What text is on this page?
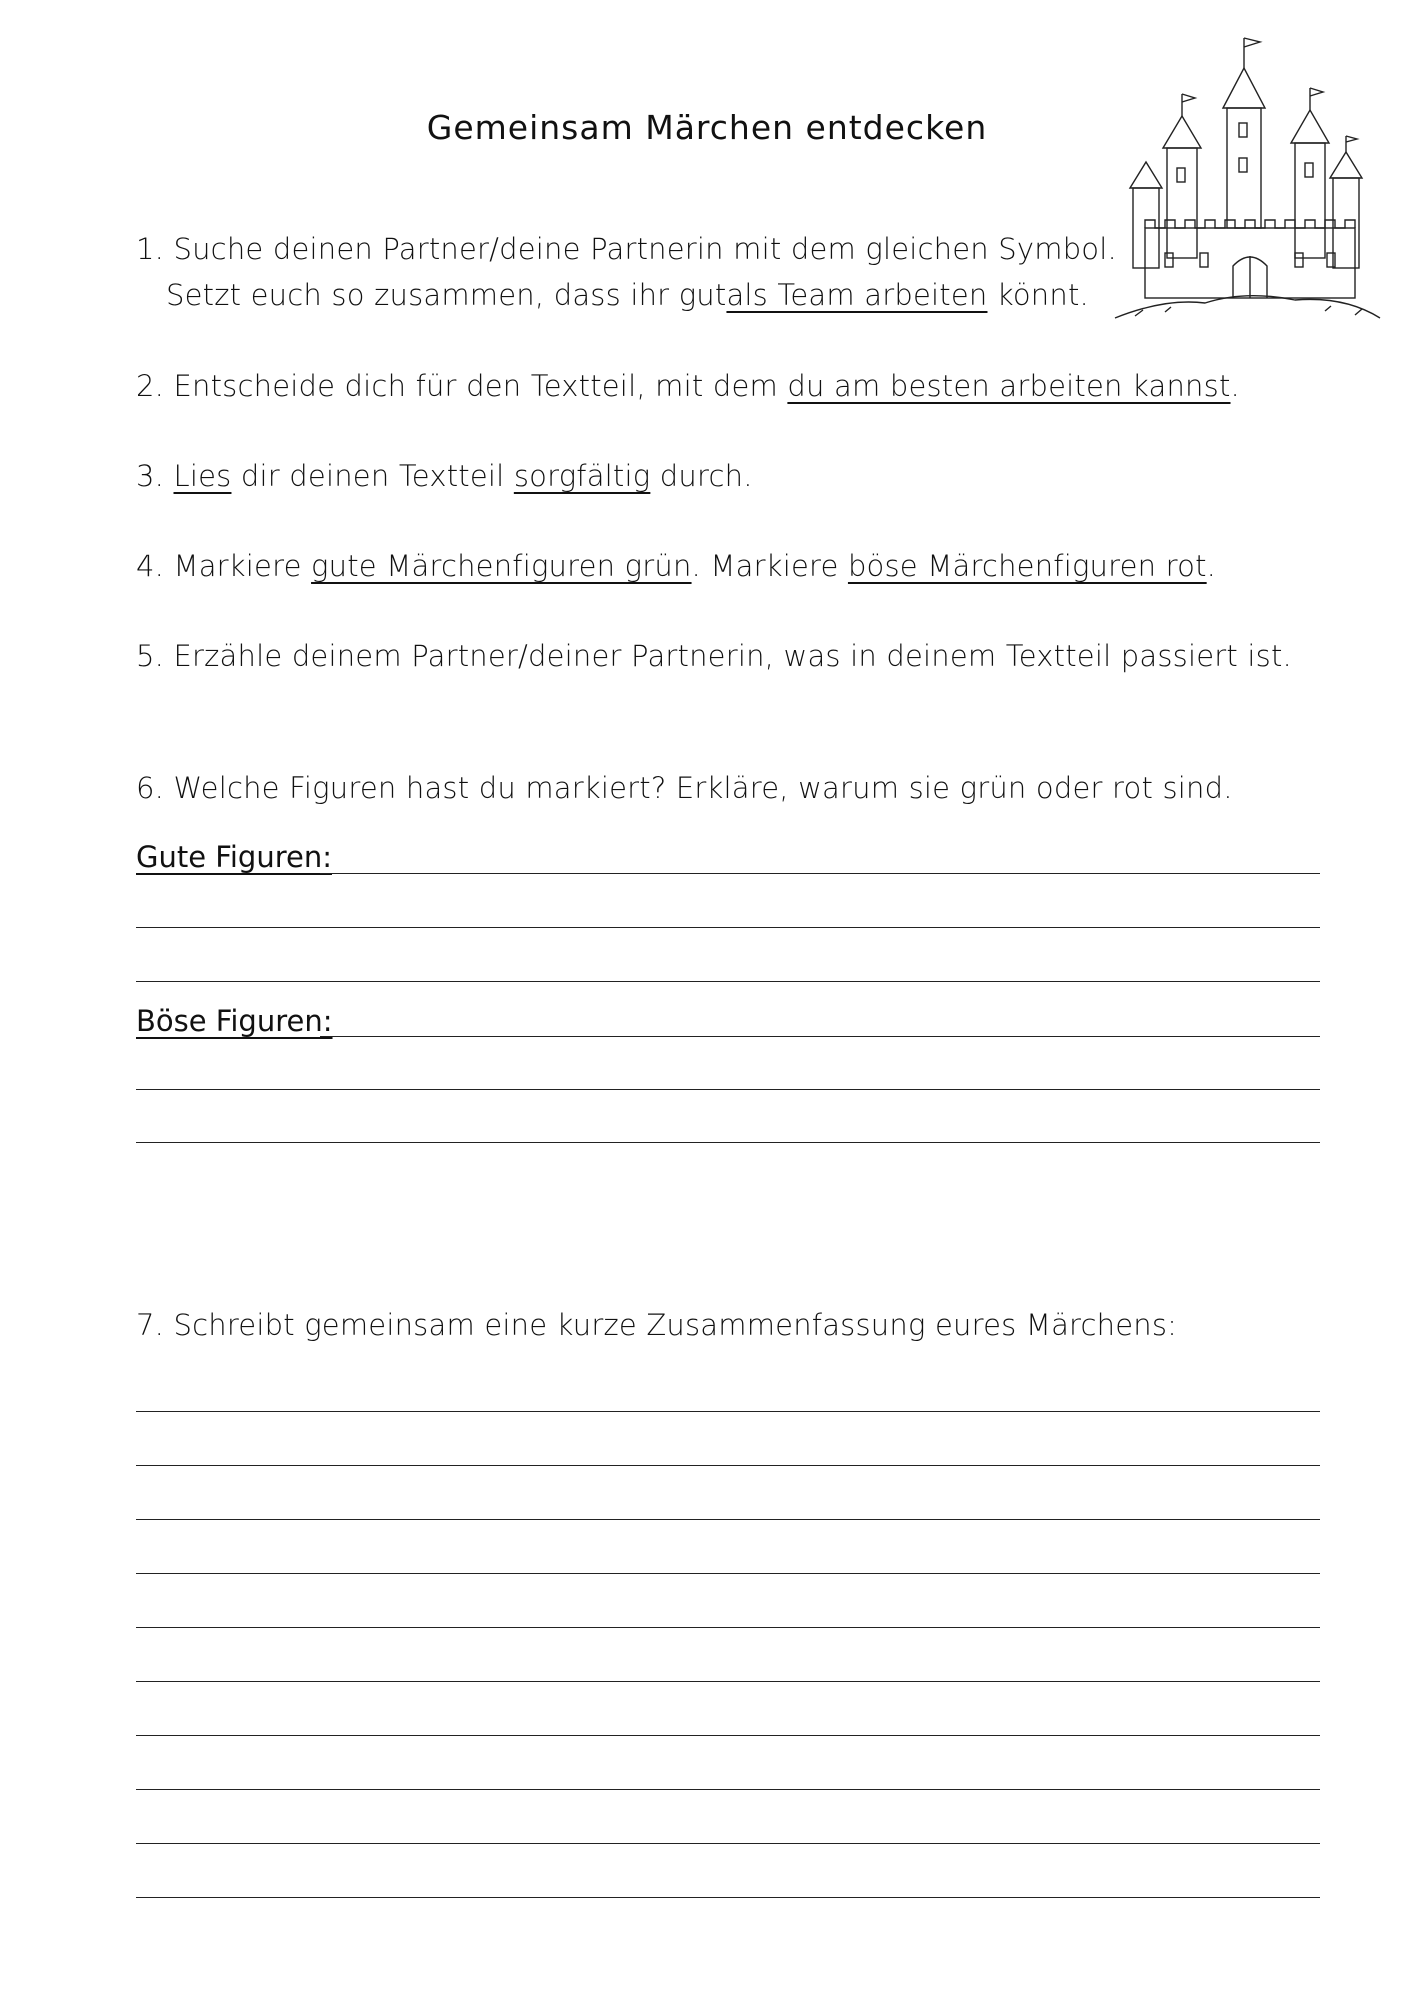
Gemeinsam Märchen entdecken
1. Suche deinen Partner/deine Partnerin mit dem gleichen Symbol.
Setzt euch so zusammen, dass ihr gutals Team arbeiten könnt.
2. Entscheide dich für den Textteil, mit dem du am besten arbeiten kannst.
3. Lies dir deinen Textteil sorgfältig durch.
4. Markiere gute Märchenfiguren grün. Markiere böse Märchenfiguren rot.
5. Erzähle deinem Partner/deiner Partnerin, was in deinem Textteil passiert ist.
6. Welche Figuren hast du markiert? Erkläre, warum sie grün oder rot sind.
Gute Figuren:
Böse Figuren:
7. Schreibt gemeinsam eine kurze Zusammenfassung eures Märchens:
